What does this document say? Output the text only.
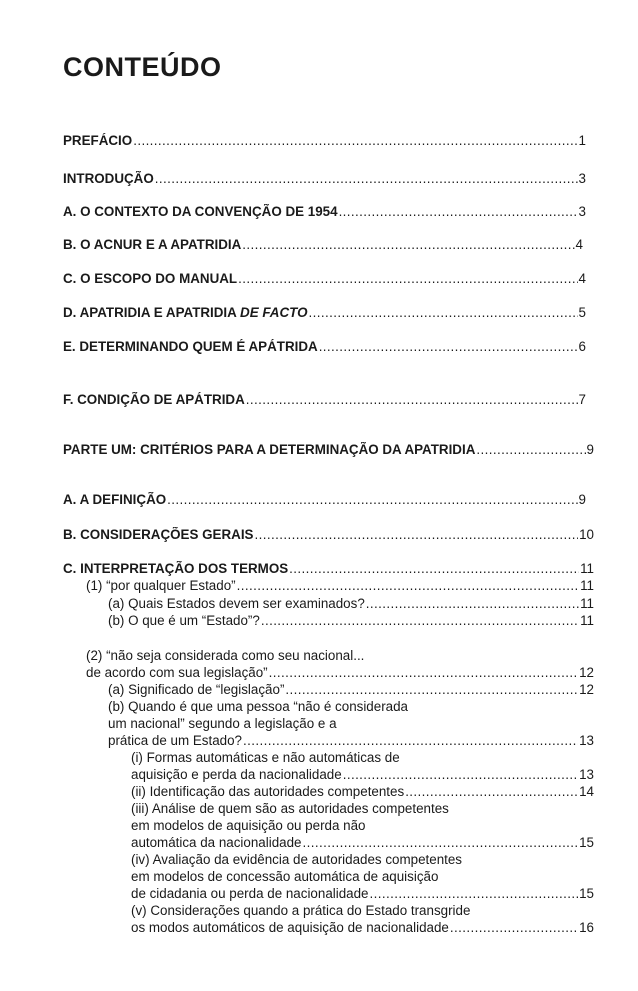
CONTEÚDO
PREFÁCIO .....	1
INTRODUÇÃO .....	3
A. O CONTEXTO DA CONVENÇÃO DE 1954 .....	3
B. O ACNUR E A APATRIDIA .....	4
C. O ESCOPO DO MANUAL .....	4
D. APATRIDIA E APATRIDIA DE FACTO .....	5
E. DETERMINANDO QUEM É APÁTRIDA .....	6
F. CONDIÇÃO DE APÁTRIDA .....	7
PARTE UM: CRITÉRIOS PARA A DETERMINAÇÃO DA APATRIDIA .....	9
A. A DEFINIÇÃO .....	9
B. CONSIDERAÇÕES GERAIS .....	10
C. INTERPRETAÇÃO DOS TERMOS .....	11
(1) “por qualquer Estado” .....	11
(a) Quais Estados devem ser examinados? .....	11
(b) O que é um “Estado”? .....	11
(2) “não seja considerada como seu nacional...
de acordo com sua legislação” .....	12
(a) Significado de “legislação” .....	12
(b) Quando é que uma pessoa “não é considerada
um nacional” segundo a legislação e a
prática de um Estado? .....	13
(i) Formas automáticas e não automáticas de
aquisição e perda da nacionalidade .....	13
(ii) Identificação das autoridades competentes .....	14
(iii) Análise de quem são as autoridades competentes
em modelos de aquisição ou perda não
automática da nacionalidade .....	15
(iv) Avaliação da evidência de autoridades competentes
em modelos de concessão automática de aquisição
de cidadania ou perda de nacionalidade .....	15
(v) Considerações quando a prática do Estado transgride
os modos automáticos de aquisição de nacionalidade .....	16
